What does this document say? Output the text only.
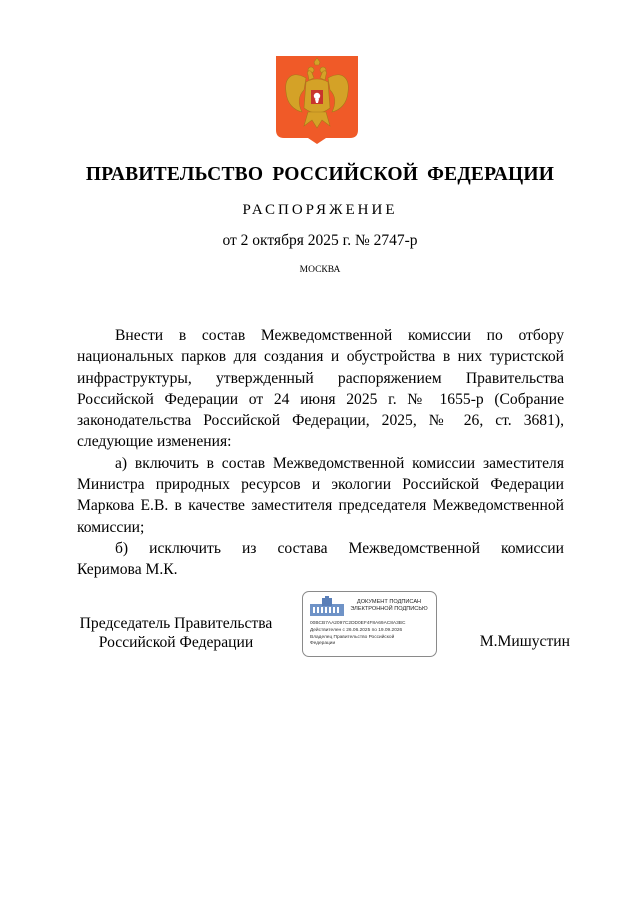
ПРАВИТЕЛЬСТВО РОССИЙСКОЙ ФЕДЕРАЦИИ
РАСПОРЯЖЕНИЕ
от 2 октября 2025 г. № 2747-р
МОСКВА

Внести в состав Межведомственной комиссии по отбору национальных парков для создания и обустройства в них туристской инфраструктуры, утвержденный распоряжением Правительства Российской Федерации от 24 июня 2025 г. № 1655-р (Собрание законодательства Российской Федерации, 2025, № 26, ст. 3681), следующие изменения:

а) включить в состав Межведомственной комиссии заместителя Министра природных ресурсов и экологии Российской Федерации Маркова Е.В. в качестве заместителя председателя Межведомственной комиссии;

б) исключить из состава Межведомственной комиссии

Керимова М.К.

Председатель Правительства
Российской Федерации
ДОКУМЕНТ ПОДПИСАН
ЭЛЕКТРОННОЙ ПОДПИСЬЮ
00BCB7AA2097C2DD0EF4F8A69AC8A3BC
Действителен с 26.06.2025 по 19.09.2026
Владелец Правительство Российской
Федерации	М.Мишустин
